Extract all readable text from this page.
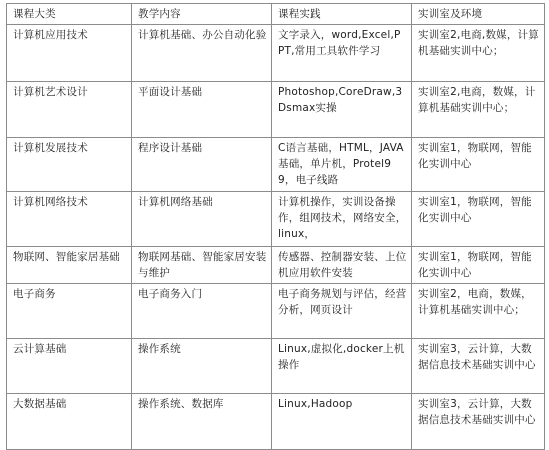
课程大类	教学内容	课程实践	实训室及环境
计算机应用技术	计算机基础、办公自动化验	文字录入，word,Excel,PPT,常用工具软件学习	实训室2,电商,数媒，计算机基础实训中心；
计算机艺术设计	平面设计基础	Photoshop,CoreDraw,3Dsmax实操	实训室2,电商，数媒，计算机基础实训中心；
计算机发展技术	程序设计基础	C语言基础，HTML，JAVA基础，单片机，Protel99，电子线路	实训室1，物联网，智能化实训中心
计算机网络技术	计算机网络基础	计算机操作，实训设备操作，组网技术，网络安全，linux，	实训室1，物联网，智能化实训中心
物联网、智能家居基础	物联网基础、智能家居安装与维护	传感器、控制器安装、上位机应用软件安装	实训室1，物联网，智能化实训中心
电子商务	电子商务入门	电子商务规划与评估，经营分析，网页设计	实训室2，电商，数媒，计算机基础实训中心；
云计算基础	操作系统	Linux,虚拟化,docker上机操作	实训室3，云计算，大数据信息技术基础实训中心
大数据基础	操作系统、数据库	Linux,Hadoop	实训室3，云计算，大数据信息技术基础实训中心
